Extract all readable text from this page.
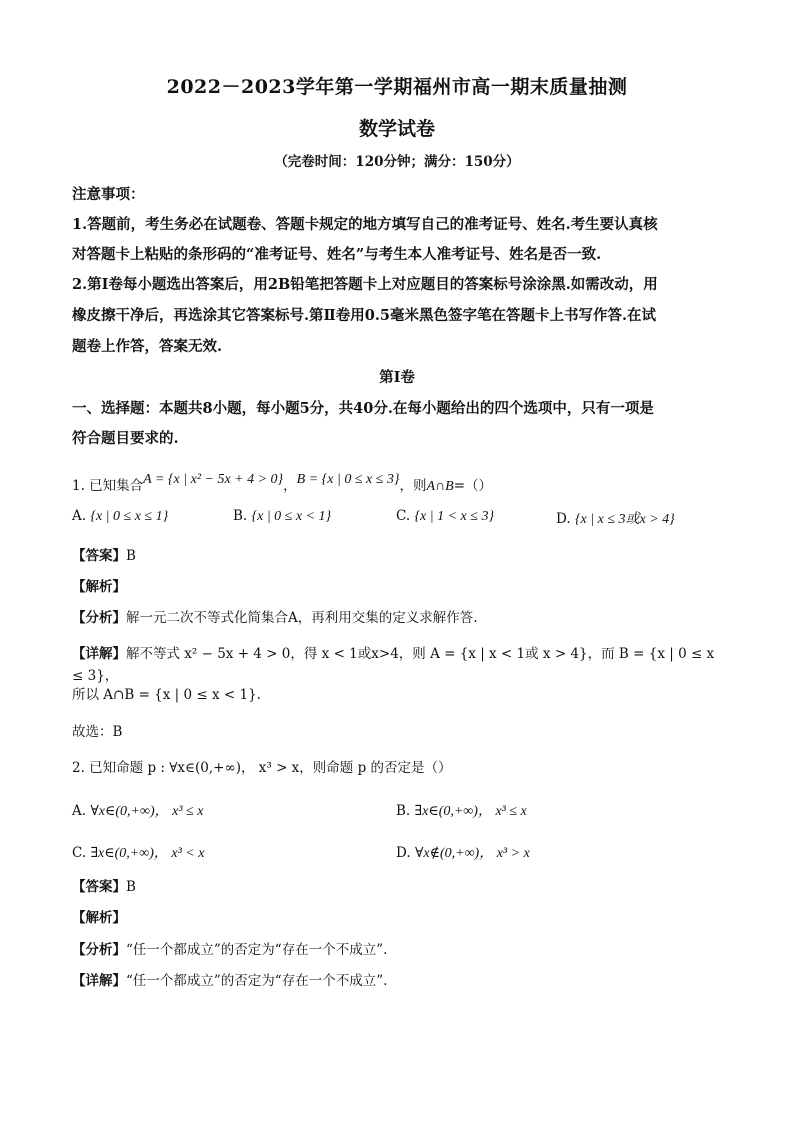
2022－2023学年第一学期福州市高一期末质量抽测
数学试卷
（完卷时间：120分钟；满分：150分）
注意事项：
1.答题前，考生务必在试题卷、答题卡规定的地方填写自己的准考证号、姓名.考生要认真核
对答题卡上粘贴的条形码的“准考证号、姓名”与考生本人准考证号、姓名是否一致.
2.第Ⅰ卷每小题选出答案后，用2B铅笔把答题卡上对应题目的答案标号涂涂黑.如需改动，用
橡皮擦干净后，再选涂其它答案标号.第Ⅱ卷用0.5毫米黑色签字笔在答题卡上书写作答.在试
题卷上作答，答案无效.
第Ⅰ卷
一、选择题：本题共8小题，每小题5分，共40分.在每小题给出的四个选项中，只有一项是
符合题目要求的.
1. 已知集合A = {x | x² − 5x + 4 > 0}，B = {x | 0 ≤ x ≤ 3}，则A∩B=（）
A. {x | 0 ≤ x ≤ 1}	B. {x | 0 ≤ x < 1}	C. {x | 1 < x ≤ 3}	D. {x | x ≤ 3或x > 4}
【答案】B
【解析】
【分析】解一元二次不等式化简集合A，再利用交集的定义求解作答.
【详解】解不等式 x² − 5x + 4 > 0，得 x < 1或x>4，则 A = {x | x < 1或 x > 4}，而 B = {x | 0 ≤ x ≤ 3}，
所以 A∩B = {x | 0 ≤ x < 1}.
故选：B
2. 已知命题 p : ∀x∈(0,+∞)， x³ > x，则命题 p 的否定是（）
A. ∀x∈(0,+∞)， x³ ≤ x	B. ∃x∈(0,+∞)， x³ ≤ x
C. ∃x∈(0,+∞)， x³ < x	D. ∀x∉(0,+∞)， x³ > x
【答案】B
【解析】
【分析】“任一个都成立”的否定为“存在一个不成立”.
【详解】“任一个都成立”的否定为“存在一个不成立”.
